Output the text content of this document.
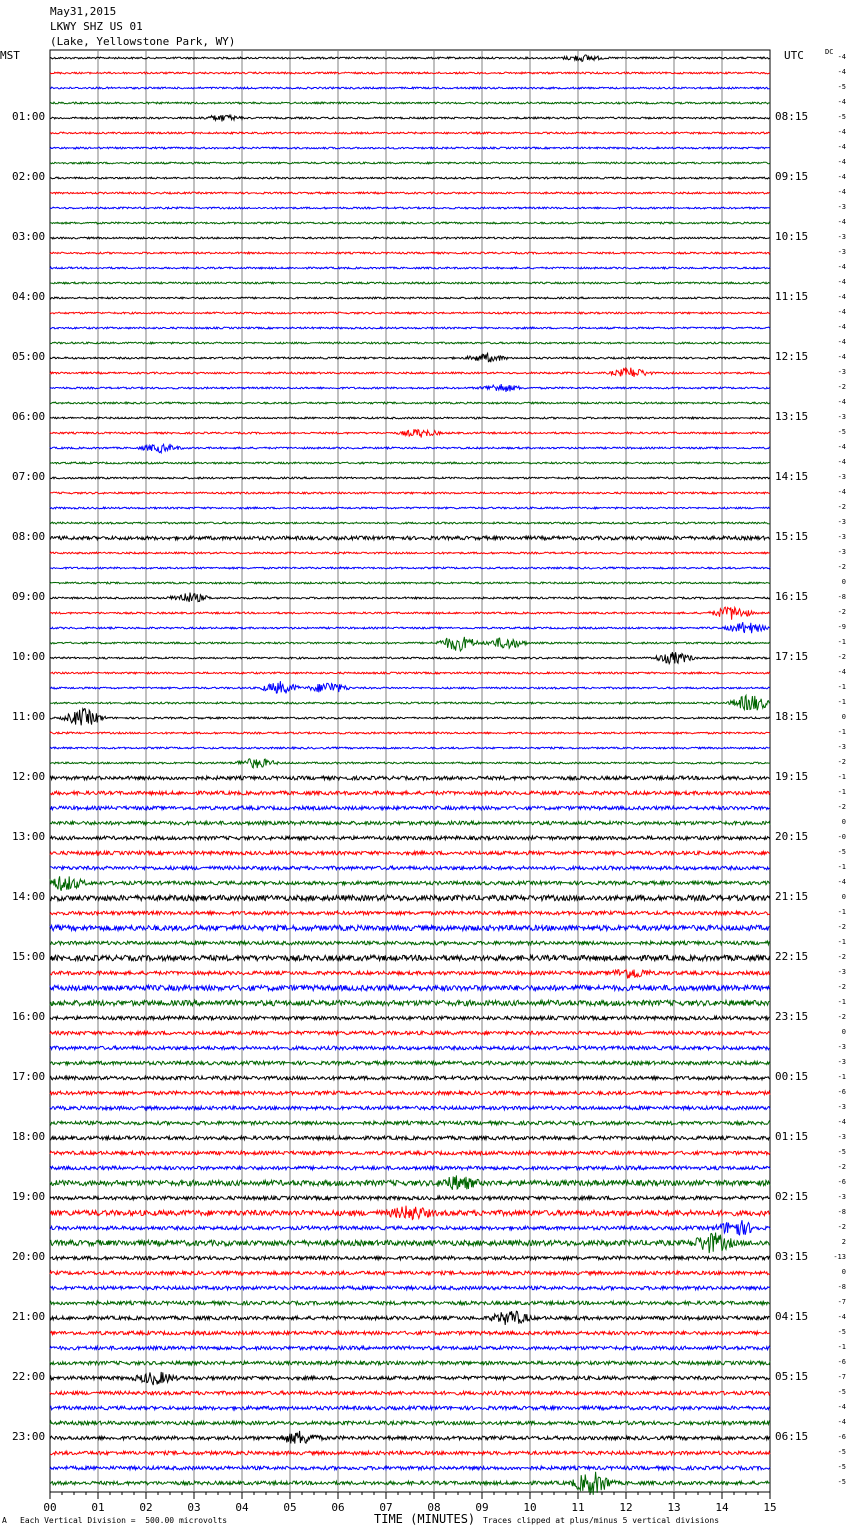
May31,2015
LKWY SHZ US 01
(Lake, Yellowstone Park, WY)
MST	UTC	DC
01:00
02:00
03:00
04:00
05:00
06:00
07:00
08:00
09:00
10:00
11:00
12:00
13:00
14:00
15:00
16:00
17:00
18:00
19:00
20:00
21:00
22:00
23:00
08:15
09:15
10:15
11:15
12:15
13:15
14:15
15:15
16:15
17:15
18:15
19:15
20:15
21:15
22:15
23:15
00:15
01:15
02:15
03:15
04:15
05:15
06:15
-4
-4
-5
-4
-5
-4
-4
-4
-4
-4
-3
-4
-3
-3
-4
-4
-4
-4
-4
-4
-4
-3
-2
-4
-3
-5
-4
-4
-3
-4
-2
-3
-3
-3
-2
0
-8
-2
-9
-1
-2
-4
-1
-1
0
-1
-3
-2
-1
-1
-2
0
-0
-5
-1
-4
0
-1
-2
-1
-2
-3
-2
-1
-2
0
-3
-3
-1
-6
-3
-4
-3
-5
-2
-6
-3
-8
-2
2
-13
0
-8
-7
-4
-5
-1
-6
-7
-5
-4
-4
-6
-5
-5
-5
00	01	02	03	04	05	06	07	08	09	10	11	12	13	14	15
A Each Vertical Division =  500.00 microvolts	TIME (MINUTES) Traces clipped at plus/minus 5 vertical divisions
